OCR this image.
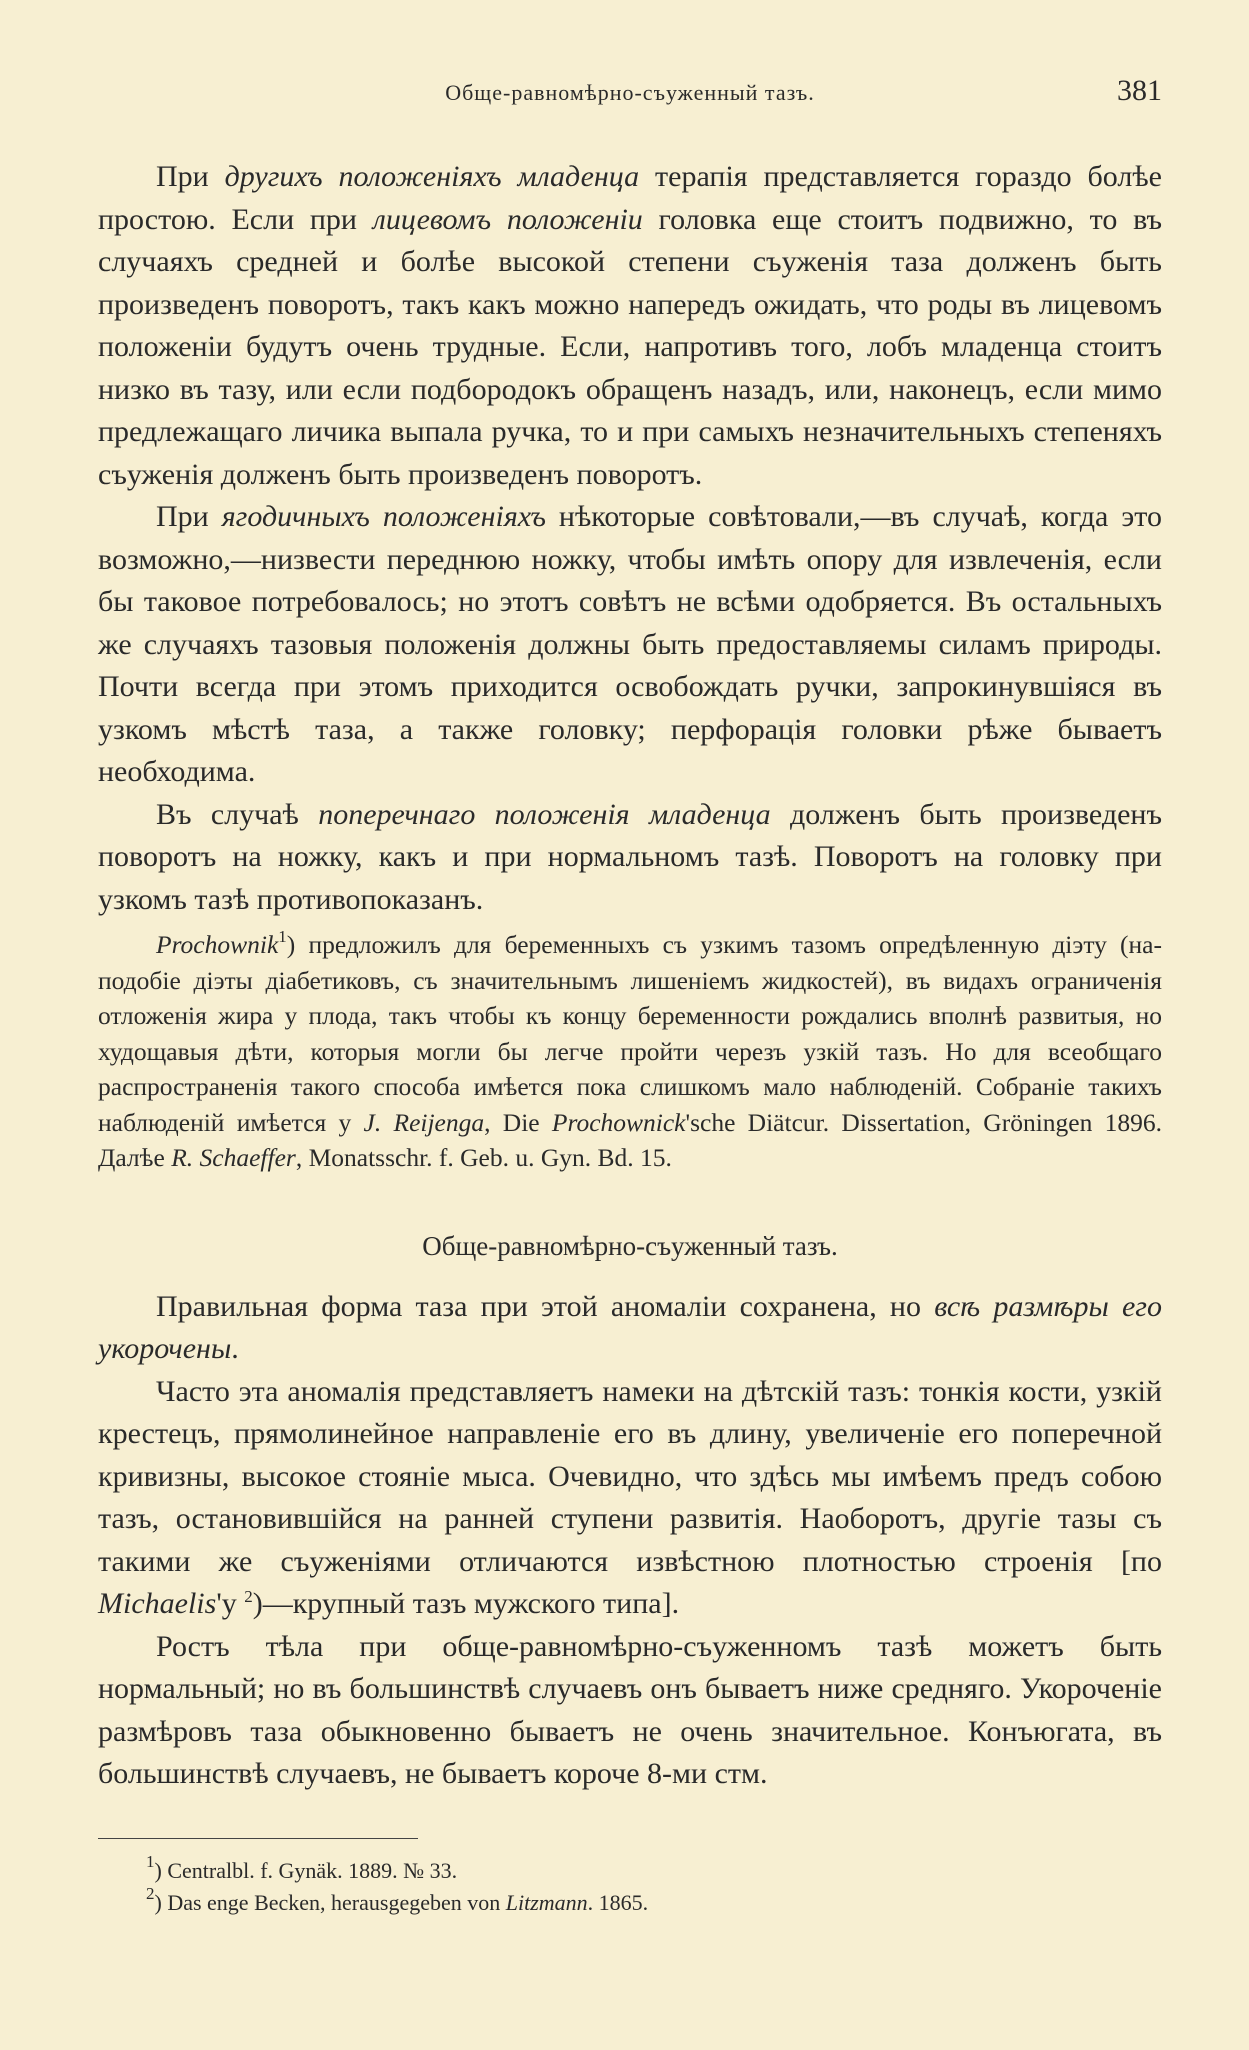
Обще-равномѣрно-съуженный тазъ.	381

При другихъ положеніяхъ младенца терапія представляется гораздо болѣе простою. Если при лицевомъ положеніи головка еще стоитъ подвижно, то въ случаяхъ средней и болѣе высокой степени съуженія таза долженъ быть произведенъ поворотъ, такъ какъ можно напередъ ожидать, что роды въ лицевомъ положеніи будутъ очень трудные. Если, напротивъ того, лобъ младенца стоитъ низко въ тазу, или если подбородокъ обращенъ назадъ, или, наконецъ, если мимо предлежащаго личика выпала ручка, то и при самыхъ незначительныхъ степеняхъ съуженія долженъ быть произведенъ поворотъ.

При ягодичныхъ положеніяхъ нѣкоторые совѣтовали,—въ случаѣ, когда это возможно,—низвести переднюю ножку, чтобы имѣть опору для извлеченія, если бы таковое потребовалось; но этотъ совѣтъ не всѣми одобряется. Въ остальныхъ же случаяхъ тазовыя положенія должны быть предоставляемы силамъ природы. Почти всегда при этомъ приходится освобождать ручки, запрокинувшіяся въ узкомъ мѣстѣ таза, а также головку; перфорація головки рѣже бываетъ необходима.

Въ случаѣ поперечнаго положенія младенца долженъ быть произведенъ поворотъ на ножку, какъ и при нормальномъ тазѣ. Поворотъ на головку при узкомъ тазѣ противопоказанъ.

Prochownik$^1$) предложилъ для беременныхъ съ узкимъ тазомъ опредѣленную діэту (на-подобіе діэты діабетиковъ, съ значительнымъ лишеніемъ жидкостей), въ видахъ ограниченія отложенія жира у плода, такъ чтобы къ концу беременности рождались вполнѣ развитыя, но худощавыя дѣти, которыя могли бы легче пройти черезъ узкій тазъ. Но для всеобщаго распространенія такого способа имѣется пока слишкомъ мало наблюденій. Собраніе такихъ наблюденій имѣется у J. Reijenga, Die Prochownick'sche Diätcur. Dissertation, Gröningen 1896. Далѣе R. Schaeffer, Monatsschr. f. Geb. u. Gyn. Bd. 15.

Обще-равномѣрно-съуженный тазъ.

Правильная форма таза при этой аномаліи сохранена, но всѣ размѣры его укорочены.

Часто эта аномалія представляетъ намеки на дѣтскій тазъ: тонкія кости, узкій крестецъ, прямолинейное направленіе его въ длину, увеличеніе его поперечной кривизны, высокое стояніе мыса. Очевидно, что здѣсь мы имѣемъ предъ собою тазъ, остановившійся на ранней ступени развитія. Наоборотъ, другіе тазы съ такими же съуженіями отличаются извѣстною плотностью строенія [по Michaelis'у $^2$)—крупный тазъ мужского типа].

Ростъ тѣла при обще-равномѣрно-съуженномъ тазѣ можетъ быть нормальный; но въ большинствѣ случаевъ онъ бываетъ ниже средняго. Укороченіе размѣровъ таза обыкновенно бываетъ не очень значительное. Конъюгата, въ большинствѣ случаевъ, не бываетъ короче 8-ми стм.

$^1$) Centralbl. f. Gynäk. 1889. № 33.
$^2$) Das enge Becken, herausgegeben von Litzmann. 1865.
